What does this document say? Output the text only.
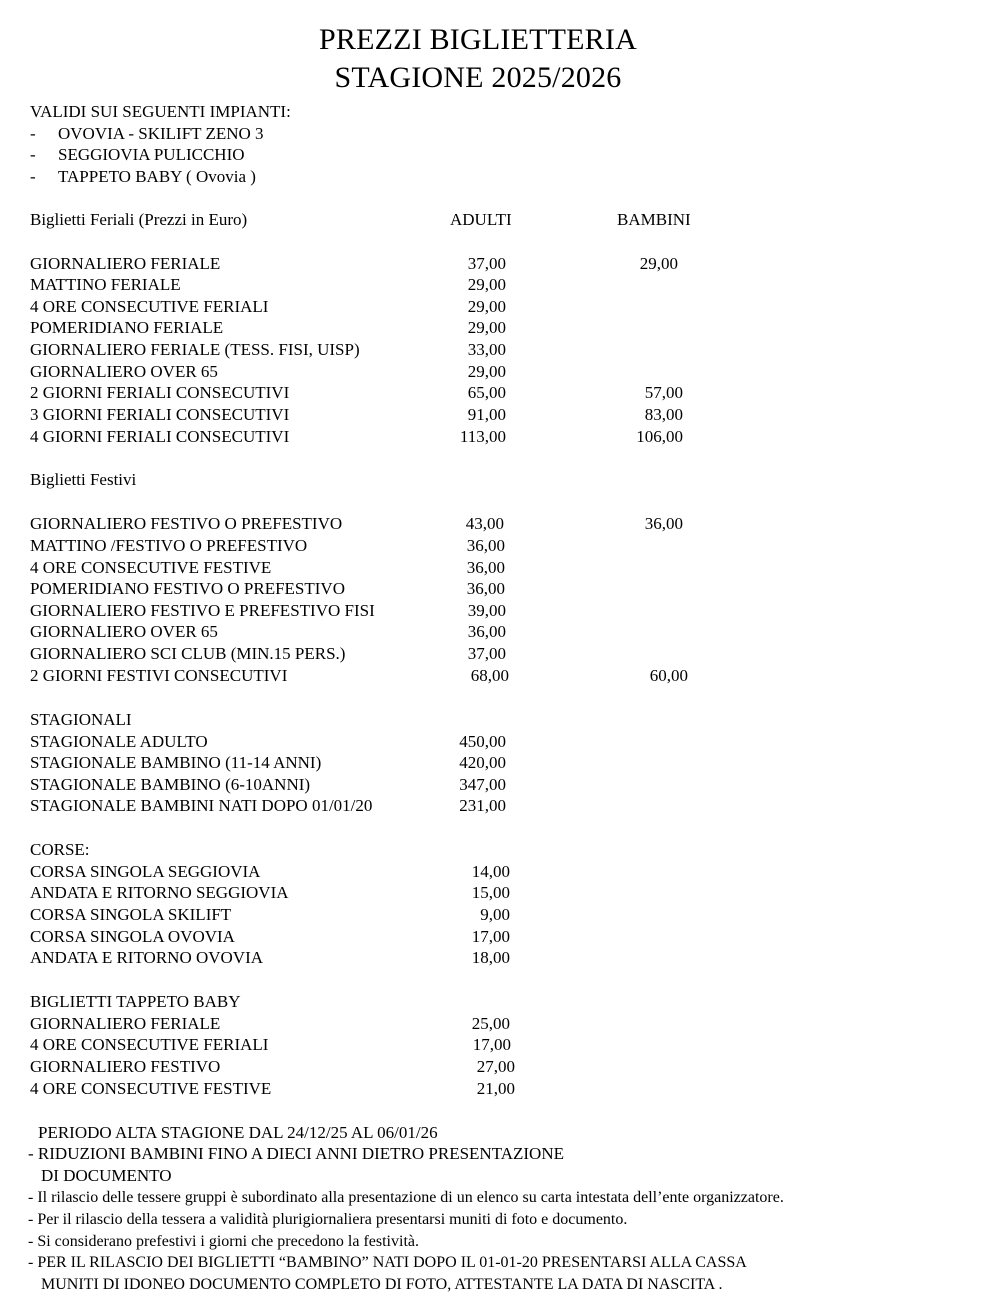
PREZZI BIGLIETTERIA
STAGIONE 2025/2026
VALIDI SUI SEGUENTI IMPIANTI:
- OVOVIA - SKILIFT ZENO 3
- SEGGIOVIA PULICCHIO
- TAPPETO BABY ( Ovovia )
Biglietti Feriali (Prezzi in Euro)	ADULTI	BAMBINI
GIORNALIERO FERIALE	37,00	29,00
MATTINO FERIALE	29,00
4 ORE CONSECUTIVE FERIALI	29,00
POMERIDIANO FERIALE	29,00
GIORNALIERO FERIALE (TESS. FISI, UISP)	33,00
GIORNALIERO OVER 65	29,00
2 GIORNI FERIALI CONSECUTIVI	65,00	57,00
3 GIORNI FERIALI CONSECUTIVI	91,00	83,00
4 GIORNI FERIALI CONSECUTIVI	113,00	106,00
Biglietti Festivi
GIORNALIERO FESTIVO O PREFESTIVO	43,00	36,00
MATTINO /FESTIVO O PREFESTIVO	36,00
4 ORE CONSECUTIVE FESTIVE	36,00
POMERIDIANO FESTIVO O PREFESTIVO	36,00
GIORNALIERO FESTIVO E PREFESTIVO FISI	39,00
GIORNALIERO OVER 65	36,00
GIORNALIERO SCI CLUB (MIN.15 PERS.)	37,00
2 GIORNI FESTIVI CONSECUTIVI	68,00	60,00
STAGIONALI
STAGIONALE ADULTO	450,00
STAGIONALE BAMBINO (11-14 ANNI)	420,00
STAGIONALE BAMBINO (6-10ANNI)	347,00
STAGIONALE BAMBINI NATI DOPO 01/01/20	231,00
CORSE:
CORSA SINGOLA SEGGIOVIA	14,00
ANDATA E RITORNO SEGGIOVIA	15,00
CORSA SINGOLA SKILIFT	9,00
CORSA SINGOLA OVOVIA	17,00
ANDATA E RITORNO OVOVIA	18,00
BIGLIETTI TAPPETO BABY
GIORNALIERO FERIALE	25,00
4 ORE CONSECUTIVE FERIALI	17,00
GIORNALIERO FESTIVO	27,00
4 ORE CONSECUTIVE FESTIVE	21,00
PERIODO ALTA STAGIONE DAL 24/12/25 AL 06/01/26
- RIDUZIONI BAMBINI FINO A DIECI ANNI DIETRO PRESENTAZIONE
DI DOCUMENTO
- Il rilascio delle tessere gruppi è subordinato alla presentazione di un elenco su carta intestata dell’ente organizzatore.
- Per il rilascio della tessera a validità plurigiornaliera presentarsi muniti di foto e documento.
- Si considerano prefestivi i giorni che precedono la festività.
- PER IL RILASCIO DEI BIGLIETTI “BAMBINO” NATI DOPO IL 01-01-20 PRESENTARSI ALLA CASSA
MUNITI DI IDONEO DOCUMENTO COMPLETO DI FOTO, ATTESTANTE LA DATA DI NASCITA .
